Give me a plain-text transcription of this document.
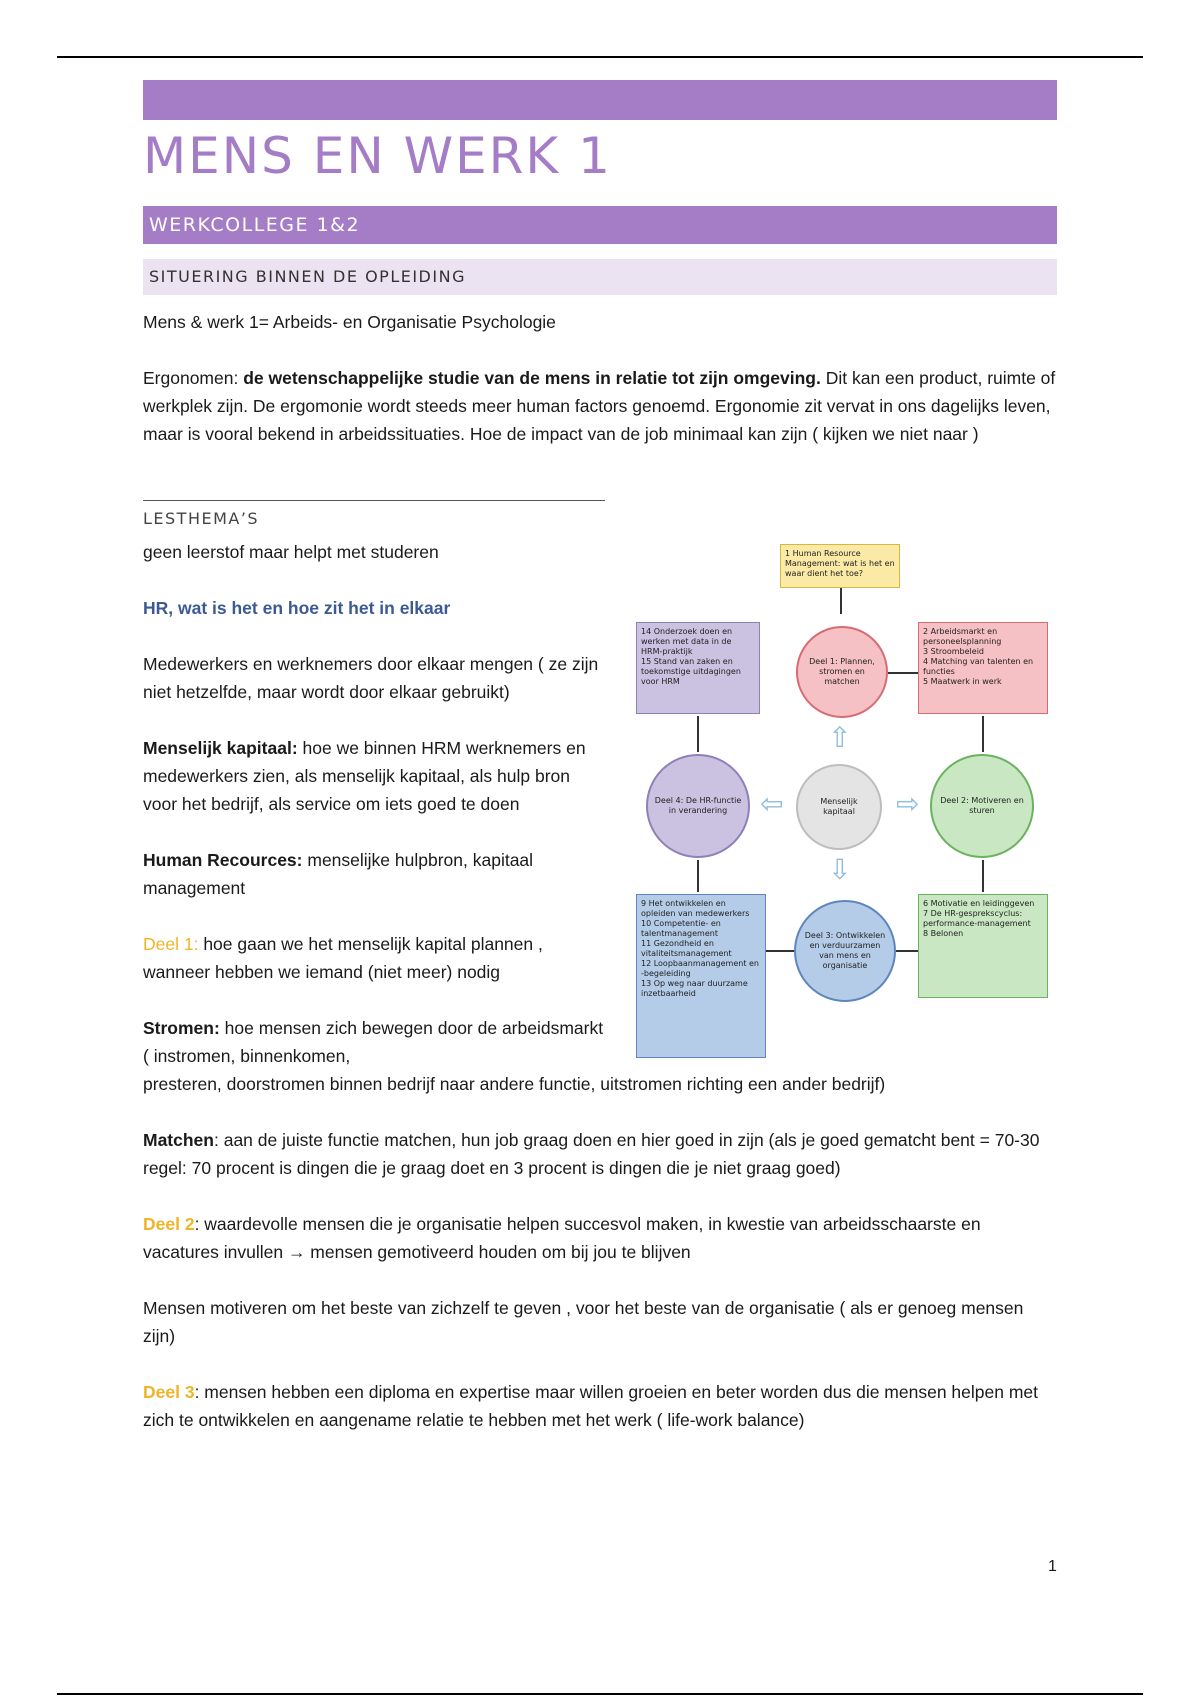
MENS EN WERK 1
WERKCOLLEGE 1&2
SITUERING BINNEN DE OPLEIDING

Mens & werk 1= Arbeids- en Organisatie Psychologie

Ergonomen: de wetenschappelijke studie van de mens in relatie tot zijn omgeving. Dit kan een product, ruimte of werkplek zijn. De ergomonie wordt steeds meer human factors genoemd. Ergonomie zit vervat in ons dagelijks leven, maar is vooral bekend in arbeidssituaties. Hoe de impact van de job minimaal kan zijn ( kijken we niet naar )

LESTHEMA’S

geen leerstof maar helpt met studeren

HR, wat is het en hoe zit het in elkaar

Medewerkers en werknemers door elkaar mengen ( ze zijn niet hetzelfde, maar wordt door elkaar gebruikt)

Menselijk kapitaal: hoe we binnen HRM werknemers en medewerkers zien, als menselijk kapitaal, als hulp bron voor het bedrijf, als service om iets goed te doen

Human Recources: menselijke hulpbron, kapitaal management

Deel 1: hoe gaan we het menselijk kapital plannen , wanneer hebben we iemand (niet meer) nodig

Stromen: hoe mensen zich bewegen door de arbeidsmarkt ( instromen, binnenkomen,

presteren, doorstromen binnen bedrijf naar andere functie, uitstromen richting een ander bedrijf)

Matchen: aan de juiste functie matchen, hun job graag doen en hier goed in zijn (als je goed gematcht bent = 70-30 regel: 70 procent is dingen die je graag doet en 3 procent is dingen die je niet graag goed)

Deel 2: waardevolle mensen die je organisatie helpen succesvol maken, in kwestie van arbeidsschaarste en vacatures invullen → mensen gemotiveerd houden om bij jou te blijven

Mensen motiveren om het beste van zichzelf te geven , voor het beste van de organisatie ( als er genoeg mensen zijn)

Deel 3: mensen hebben een diploma en expertise maar willen groeien en beter worden dus die mensen helpen met zich te ontwikkelen en aangename relatie te hebben met het werk ( life-work balance)

1 Human Resource Management: wat is het en waar dient het toe?
14 Onderzoek doen en werken met data in de HRM-praktijk
15 Stand van zaken en toekomstige uitdagingen voor HRM
Deel 1: Plannen, stromen en matchen
2 Arbeidsmarkt en personeelsplanning
3 Stroombeleid
4 Matching van talenten en functies
5 Maatwerk in werk
⇧
Deel 4: De HR-functie in verandering	⇦	Menselijk kapitaal	⇨	Deel 2: Motiveren en sturen
⇩
9 Het ontwikkelen en opleiden van medewerkers
10 Competentie- en talentmanagement
11 Gezondheid en vitaliteitsmanagement
12 Loopbaanmanagement en -begeleiding
13 Op weg naar duurzame inzetbaarheid
Deel 3: Ontwikkelen en verduurzamen van mens en organisatie
6 Motivatie en leidinggeven
7 De HR-gesprekscyclus: performance-management
8 Belonen
1
